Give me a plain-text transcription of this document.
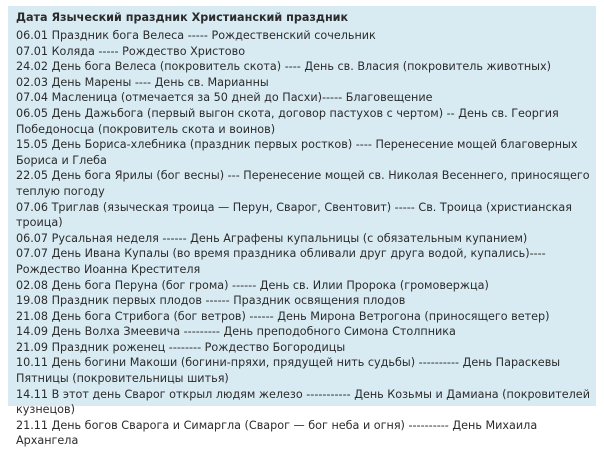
Дата Языческий праздник Христианский праздник
06.01 Праздник бога Велеса ----- Рождественский сочельник
07.01 Коляда ----- Рождество Христово
24.02 День бога Велеса (покровитель скота) ---- День св. Власия (покровитель животных)
02.03 День Марены ---- День св. Марианны
07.04 Масленица (отмечается за 50 дней до Пасхи)----- Благовещение
06.05 День Дажьбога (первый выгон скота, договор пастухов с чертом) -- День св. Георгия Победоносца (покровитель скота и воинов)
15.05 День Бориса-хлебника (праздник первых ростков) ---- Перенесение мощей благоверных Бориса и Глеба
22.05 День бога Ярилы (бог весны) --- Перенесение мощей св. Николая Весеннего, приносящего теплую погоду
07.06 Триглав (языческая троица — Перун, Сварог, Свентовит) ----- Св. Троица (христианская троица)
06.07 Русальная неделя ------ День Аграфены купальницы (с обязательным купанием)
07.07 День Ивана Купалы (во время праздника обливали друг друга водой, купались)---- Рождество Иоанна Крестителя
02.08 День бога Перуна (бог грома) ------ День св. Илии Пророка (громовержца)
19.08 Праздник первых плодов ------ Праздник освящения плодов
21.08 День бога Стрибога (бог ветров) ------ День Мирона Ветрогона (приносящего ветер)
14.09 День Волха Змеевича --------- День преподобного Симона Столпника
21.09 Праздник роженец -------- Рождество Богородицы
10.11 День богини Макоши (богини-пряхи, прядущей нить судьбы) ---------- День Параскевы Пятницы (покровительницы шитья)
14.11 В этот день Сварог открыл людям железо ----------- День Козьмы и Дамиана (покровителей кузнецов)
21.11 День богов Сварога и Симаргла (Сварог — бог неба и огня) ---------- День Михаила Архангела
